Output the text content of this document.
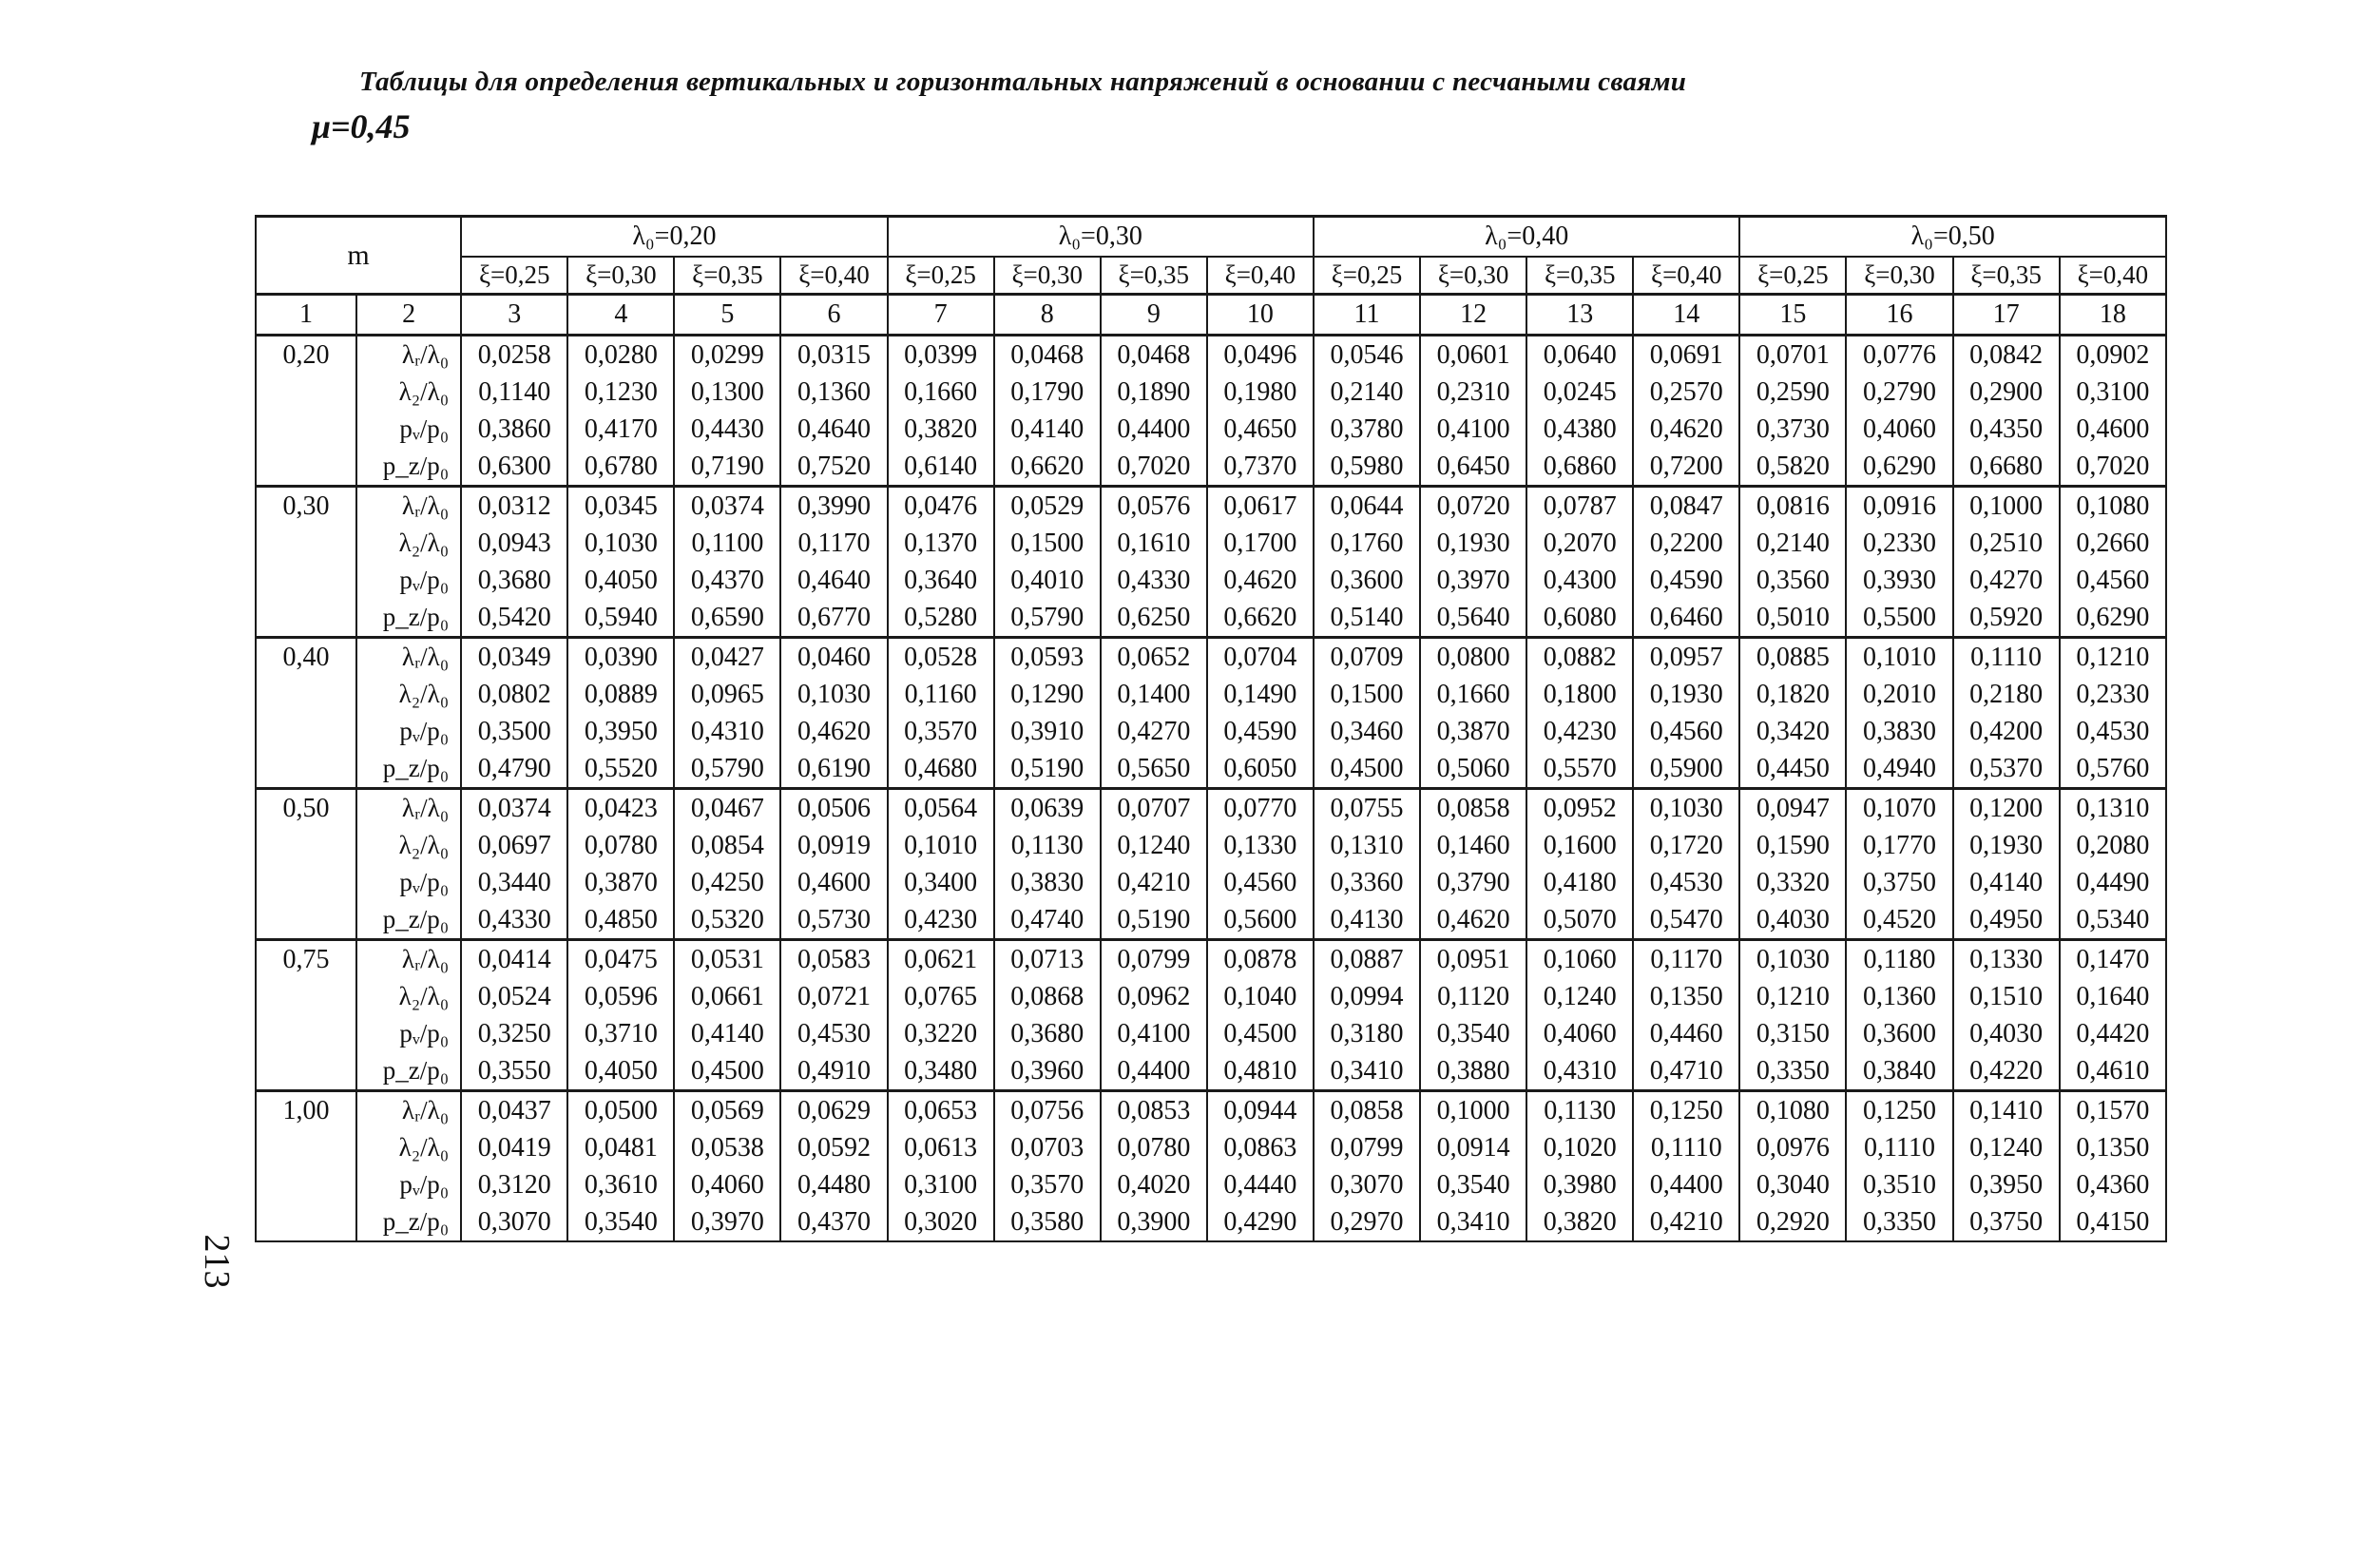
Таблицы для определения вертикальных и горизонтальных напряжений в основании с песчаными сваями
μ=0,45
213
m		λ₀=0,20				λ₀=0,30				λ₀=0,40				λ₀=0,50			
		ξ=0,25	ξ=0,30	ξ=0,35	ξ=0,40	ξ=0,25	ξ=0,30	ξ=0,35	ξ=0,40	ξ=0,25	ξ=0,30	ξ=0,35	ξ=0,40	ξ=0,25	ξ=0,30	ξ=0,35	ξ=0,40
1	2	3	4	5	6	7	8	9	10	11	12	13	14	15	16	17	18
0,20	λᵣ/λ₀	0,0258	0,0280	0,0299	0,0315	0,0399	0,0468	0,0468	0,0496	0,0546	0,0601	0,0640	0,0691	0,0701	0,0776	0,0842	0,0902
	λ₂/λ₀	0,1140	0,1230	0,1300	0,1360	0,1660	0,1790	0,1890	0,1980	0,2140	0,2310	0,0245	0,2570	0,2590	0,2790	0,2900	0,3100
	pᵥ/p₀	0,3860	0,4170	0,4430	0,4640	0,3820	0,4140	0,4400	0,4650	0,3780	0,4100	0,4380	0,4620	0,3730	0,4060	0,4350	0,4600
	p_z/p₀	0,6300	0,6780	0,7190	0,7520	0,6140	0,6620	0,7020	0,7370	0,5980	0,6450	0,6860	0,7200	0,5820	0,6290	0,6680	0,7020
0,30	λᵣ/λ₀	0,0312	0,0345	0,0374	0,3990	0,0476	0,0529	0,0576	0,0617	0,0644	0,0720	0,0787	0,0847	0,0816	0,0916	0,1000	0,1080
	λ₂/λ₀	0,0943	0,1030	0,1100	0,1170	0,1370	0,1500	0,1610	0,1700	0,1760	0,1930	0,2070	0,2200	0,2140	0,2330	0,2510	0,2660
	pᵥ/p₀	0,3680	0,4050	0,4370	0,4640	0,3640	0,4010	0,4330	0,4620	0,3600	0,3970	0,4300	0,4590	0,3560	0,3930	0,4270	0,4560
	p_z/p₀	0,5420	0,5940	0,6590	0,6770	0,5280	0,5790	0,6250	0,6620	0,5140	0,5640	0,6080	0,6460	0,5010	0,5500	0,5920	0,6290
0,40	λᵣ/λ₀	0,0349	0,0390	0,0427	0,0460	0,0528	0,0593	0,0652	0,0704	0,0709	0,0800	0,0882	0,0957	0,0885	0,1010	0,1110	0,1210
	λ₂/λ₀	0,0802	0,0889	0,0965	0,1030	0,1160	0,1290	0,1400	0,1490	0,1500	0,1660	0,1800	0,1930	0,1820	0,2010	0,2180	0,2330
	pᵥ/p₀	0,3500	0,3950	0,4310	0,4620	0,3570	0,3910	0,4270	0,4590	0,3460	0,3870	0,4230	0,4560	0,3420	0,3830	0,4200	0,4530
	p_z/p₀	0,4790	0,5520	0,5790	0,6190	0,4680	0,5190	0,5650	0,6050	0,4500	0,5060	0,5570	0,5900	0,4450	0,4940	0,5370	0,5760
0,50	λᵣ/λ₀	0,0374	0,0423	0,0467	0,0506	0,0564	0,0639	0,0707	0,0770	0,0755	0,0858	0,0952	0,1030	0,0947	0,1070	0,1200	0,1310
	λ₂/λ₀	0,0697	0,0780	0,0854	0,0919	0,1010	0,1130	0,1240	0,1330	0,1310	0,1460	0,1600	0,1720	0,1590	0,1770	0,1930	0,2080
	pᵥ/p₀	0,3440	0,3870	0,4250	0,4600	0,3400	0,3830	0,4210	0,4560	0,3360	0,3790	0,4180	0,4530	0,3320	0,3750	0,4140	0,4490
	p_z/p₀	0,4330	0,4850	0,5320	0,5730	0,4230	0,4740	0,5190	0,5600	0,4130	0,4620	0,5070	0,5470	0,4030	0,4520	0,4950	0,5340
0,75	λᵣ/λ₀	0,0414	0,0475	0,0531	0,0583	0,0621	0,0713	0,0799	0,0878	0,0887	0,0951	0,1060	0,1170	0,1030	0,1180	0,1330	0,1470
	λ₂/λ₀	0,0524	0,0596	0,0661	0,0721	0,0765	0,0868	0,0962	0,1040	0,0994	0,1120	0,1240	0,1350	0,1210	0,1360	0,1510	0,1640
	pᵥ/p₀	0,3250	0,3710	0,4140	0,4530	0,3220	0,3680	0,4100	0,4500	0,3180	0,3540	0,4060	0,4460	0,3150	0,3600	0,4030	0,4420
	p_z/p₀	0,3550	0,4050	0,4500	0,4910	0,3480	0,3960	0,4400	0,4810	0,3410	0,3880	0,4310	0,4710	0,3350	0,3840	0,4220	0,4610
1,00	λᵣ/λ₀	0,0437	0,0500	0,0569	0,0629	0,0653	0,0756	0,0853	0,0944	0,0858	0,1000	0,1130	0,1250	0,1080	0,1250	0,1410	0,1570
	λ₂/λ₀	0,0419	0,0481	0,0538	0,0592	0,0613	0,0703	0,0780	0,0863	0,0799	0,0914	0,1020	0,1110	0,0976	0,1110	0,1240	0,1350
	pᵥ/p₀	0,3120	0,3610	0,4060	0,4480	0,3100	0,3570	0,4020	0,4440	0,3070	0,3540	0,3980	0,4400	0,3040	0,3510	0,3950	0,4360
	p_z/p₀	0,3070	0,3540	0,3970	0,4370	0,3020	0,3580	0,3900	0,4290	0,2970	0,3410	0,3820	0,4210	0,2920	0,3350	0,3750	0,4150
